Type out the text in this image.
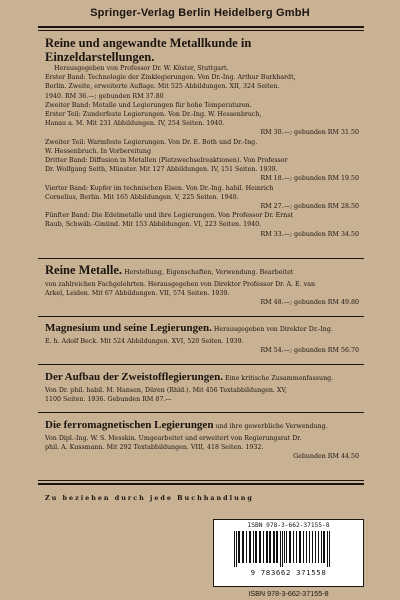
Springer-Verlag Berlin Heidelberg GmbH
Reine und angewandte Metallkunde in Einzeldarstellungen.
Herausgegeben von Professor Dr. W. Köster, Stuttgart.
Erster Band: Technologie der Zinklegierungen. Von Dr.-Ing. Arthur Burkhardt,
Berlin. Zweite, erweiterte Auflage. Mit 525 Abbildungen. XII, 324 Seiten.
1940. RM 36.—; gebunden RM 37.80
Zweiter Band: Metalle und Legierungen für hohe Temperaturen.
Erster Teil: Zunderfeste Legierungen. Von Dr.-Ing. W. Hessenbruch,
Hanau a. M. Mit 231 Abbildungen. IV, 254 Seiten. 1940.
RM 30.—; gebunden RM 31.50
Zweiter Teil: Warmfeste Legierungen. Von Dr. E. Both und Dr.-Ing.
W. Hessenbruch. In Vorbereitung
Dritter Band: Diffusion in Metallen (Platzwechselreaktionen). Von Professor
Dr. Wolfgang Seith, Münster. Mit 127 Abbildungen. IV, 151 Seiten. 1939.
RM 18.—; gebunden RM 19.50
Vierter Band: Kupfer im technischen Eisen. Von Dr.-Ing. habil. Heinrich
Cornelius, Berlin. Mit 165 Abbildungen. V, 225 Seiten. 1940.
RM 27.—; gebunden RM 28.50
Fünfter Band: Die Edelmetalle und ihre Legierungen. Von Professor Dr. Ernst
Raub, Schwäb.-Gmünd. Mit 153 Abbildungen. VI, 223 Seiten. 1940.
RM 33.—; gebunden RM 34.50
Reine Metalle. Herstellung, Eigenschaften, Verwendung. Bearbeitet
von zahlreichen Fachgelehrten. Herausgegeben von Direktor Professor Dr. A. E. van
Arkel, Leiden. Mit 67 Abbildungen. VII, 574 Seiten. 1939.
RM 48.—; gebunden RM 49.80
Magnesium und seine Legierungen. Herausgegeben von Direktor Dr.-Ing.
E. h. Adolf Beck. Mit 524 Abbildungen. XVI, 520 Seiten. 1939.
RM 54.—; gebunden RM 56.70
Der Aufbau der Zweistofflegierungen. Eine kritische Zusammenfassung.
Von Dr. phil. habil. M. Hansen, Düren (Rhld.). Mit 456 Textabbildungen. XV,
1100 Seiten. 1936. Gebunden RM 87.—
Die ferromagnetischen Legierungen und ihre gewerbliche Verwendung.
Von Dipl.-Ing. W. S. Messkin. Umgearbeitet und erweitert von Regierungsrat Dr.
phil. A. Kussmann. Mit 292 Textabbildungen. VIII, 418 Seiten. 1932.
Gebunden RM 44.50
Zu beziehen durch jede Buchhandlung
ISBN 978-3-662-37155-8
9 783662 371558
ISBN 978-3-662-37155-8
